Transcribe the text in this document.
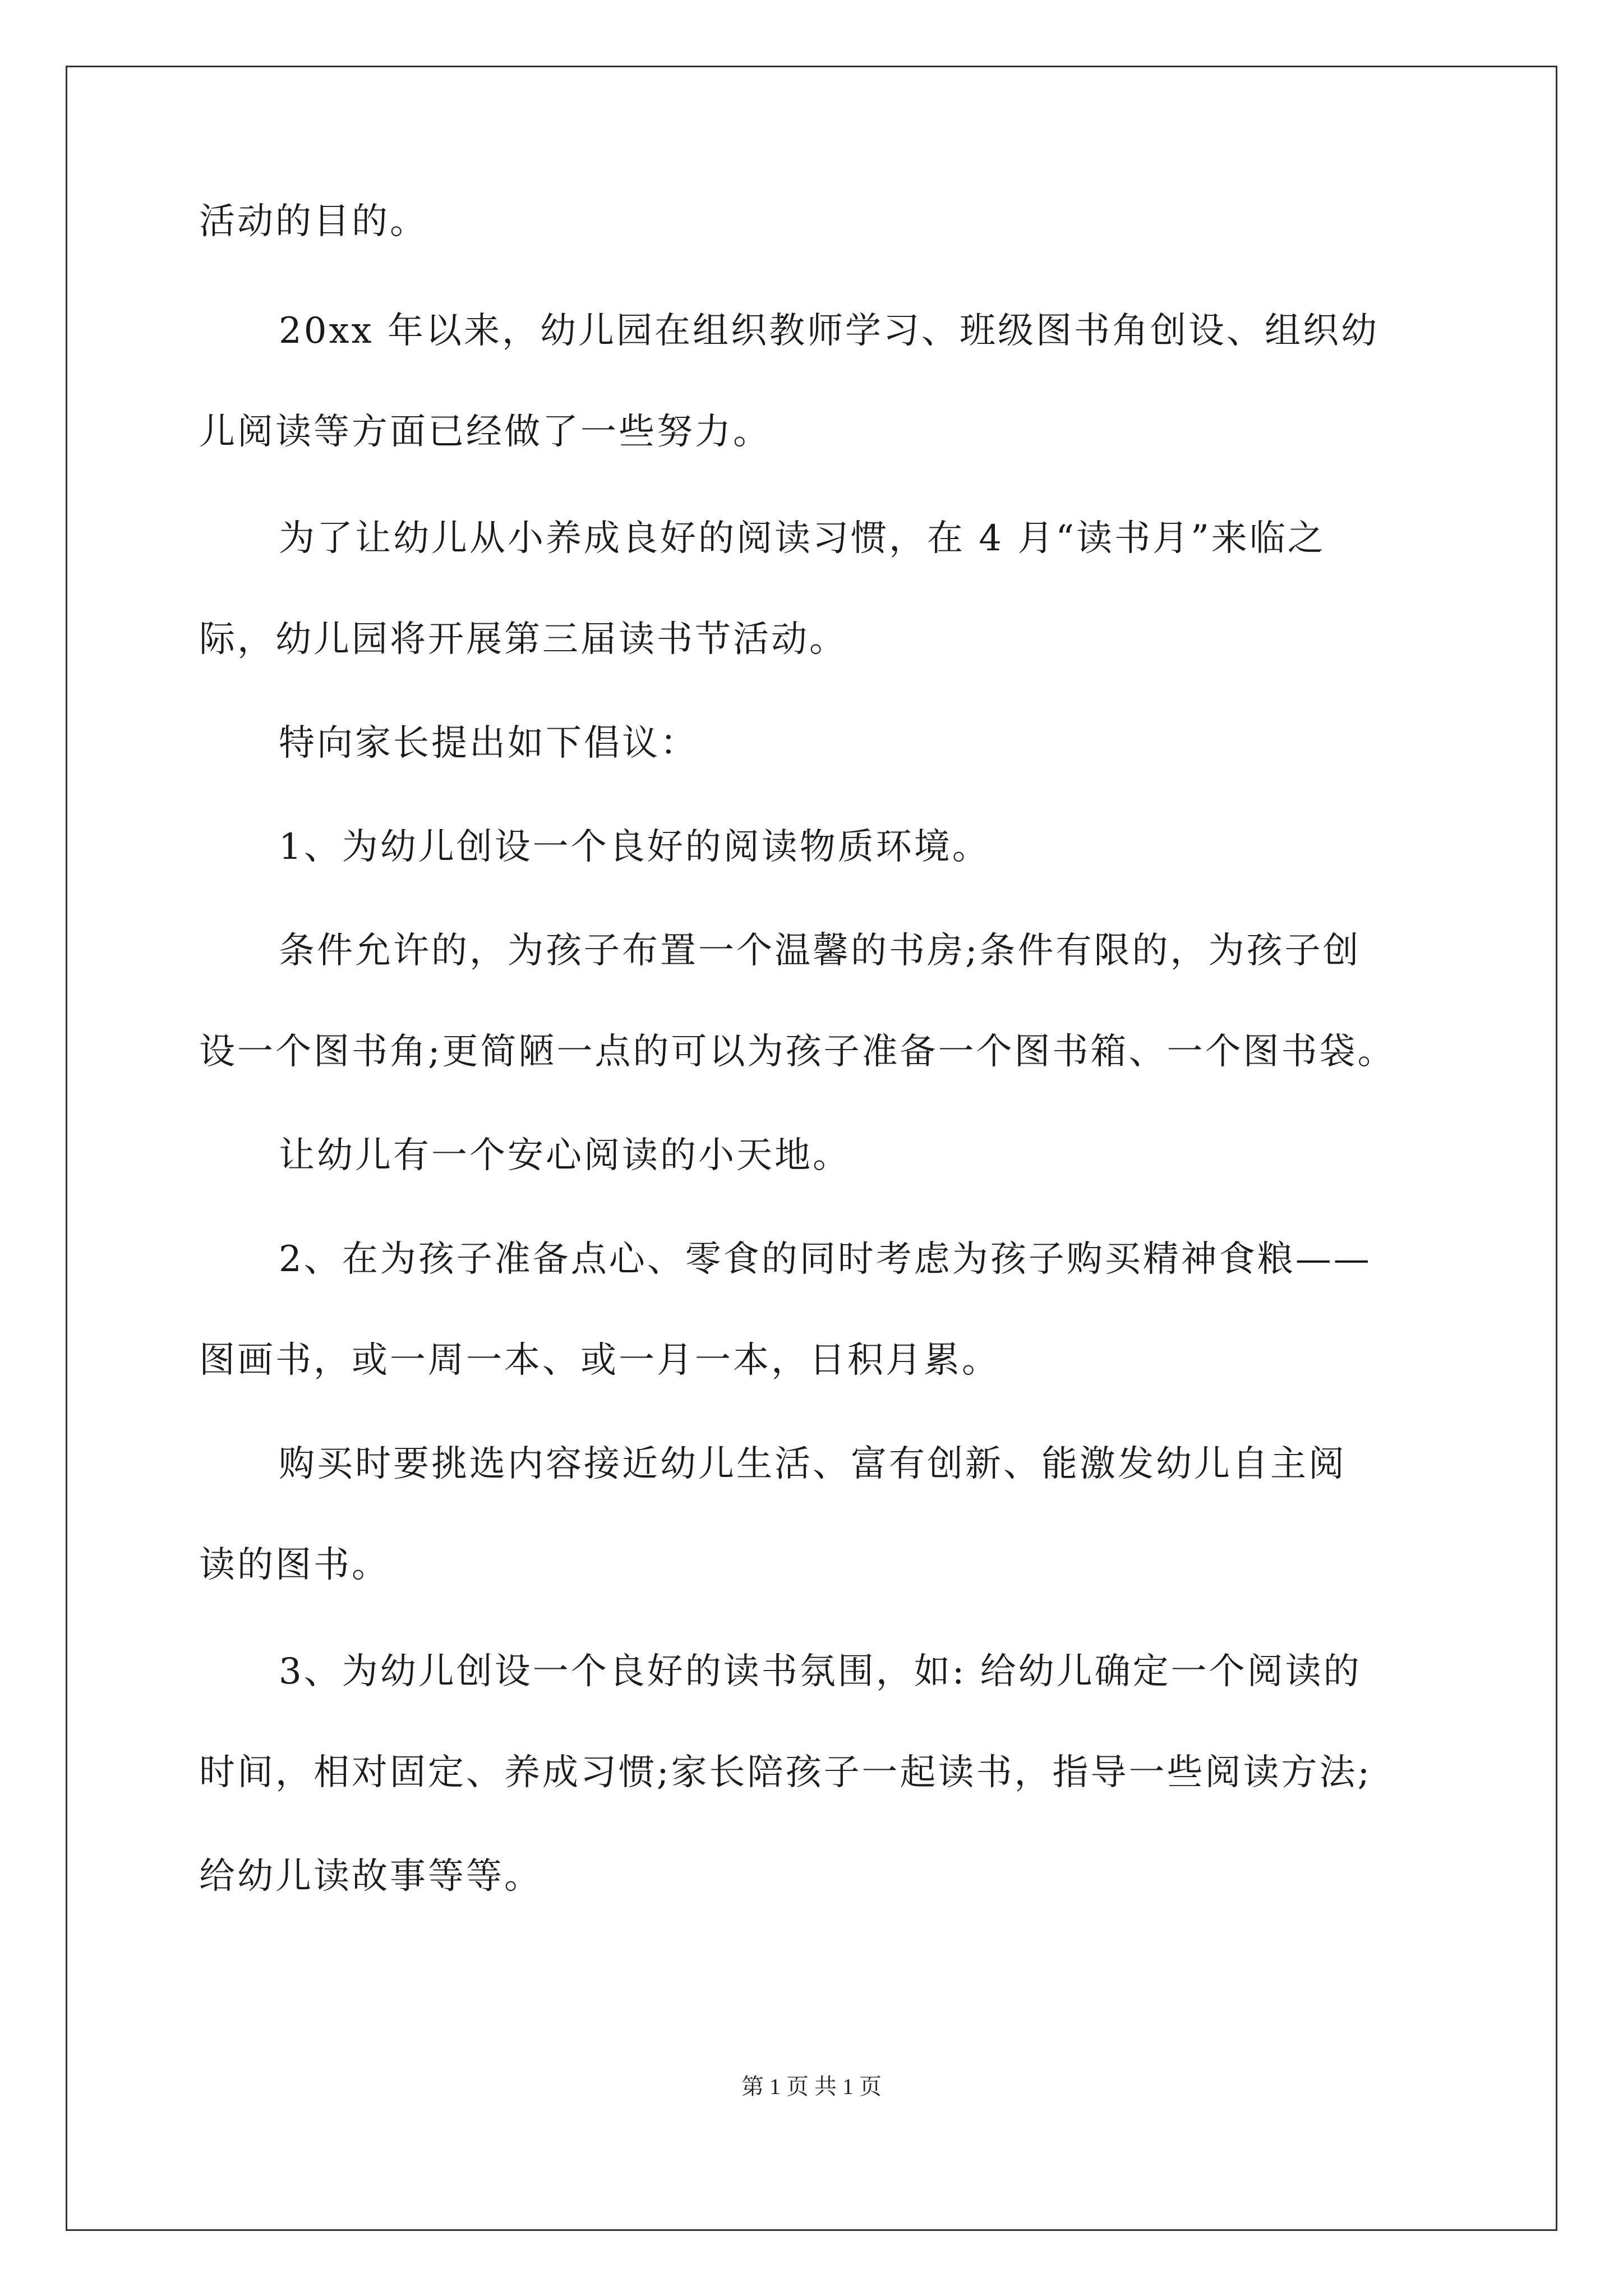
活动的目的。
20xx 年以来，幼儿园在组织教师学习、班级图书角创设、组织幼
儿阅读等方面已经做了一些努力。
为了让幼儿从小养成良好的阅读习惯，在 4 月“读书月”来临之
际，幼儿园将开展第三届读书节活动。
特向家长提出如下倡议：
1、为幼儿创设一个良好的阅读物质环境。
条件允许的，为孩子布置一个温馨的书房;条件有限的，为孩子创
设一个图书角;更简陋一点的可以为孩子准备一个图书箱、一个图书袋。
让幼儿有一个安心阅读的小天地。
2、在为孩子准备点心、零食的同时考虑为孩子购买精神食粮——
图画书，或一周一本、或一月一本，日积月累。
购买时要挑选内容接近幼儿生活、富有创新、能激发幼儿自主阅
读的图书。
3、为幼儿创设一个良好的读书氛围，如: 给幼儿确定一个阅读的
时间，相对固定、养成习惯;家长陪孩子一起读书，指导一些阅读方法;
给幼儿读故事等等。
第 1 页 共 1 页
